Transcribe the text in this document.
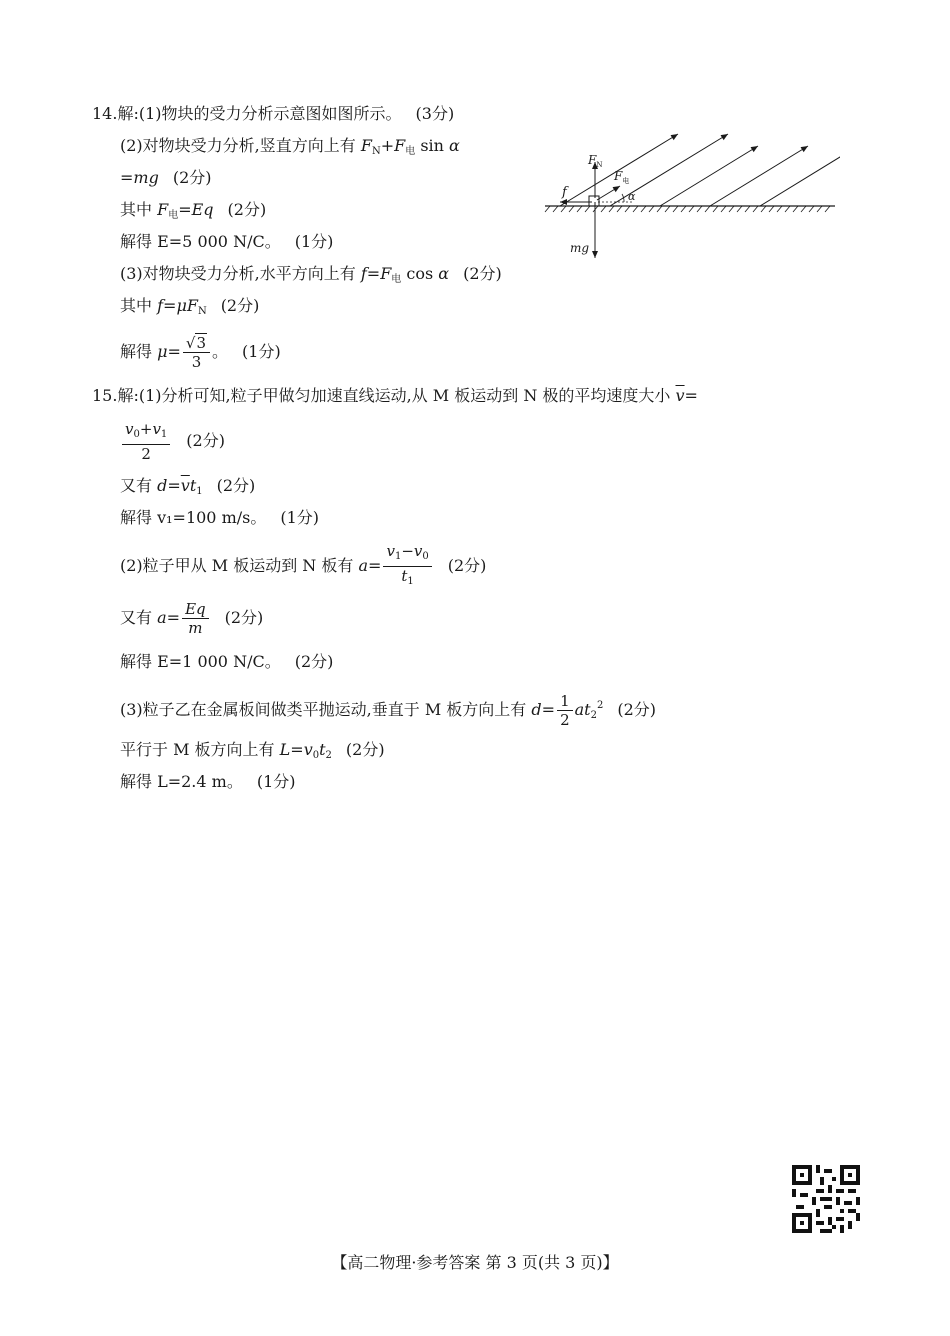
14.解:(1)物块的受力分析示意图如图所示。 (3分)
(2)对物块受力分析,竖直方向上有 $F_N+F_电$ sin α
=mg (2分)
其中 $F_电=Eq$ (2分)
解得 E=5 000 N/C。 (1分)
(3)对物块受力分析,水平方向上有 $f=F_电$ cos α (2分)
其中 $f=\mu F_N$ (2分)
解得 $\mu= \frac{√3}{3}$ 。 (1分)
15.解:(1)分析可知,粒子甲做匀加速直线运动,从 M 板运动到 N 极的平均速度大小 $\overline{v}=$
$\frac{v_0+v_1}{2} (2$分)
又有 $d=\overline{v}t_1$ (2分)
解得 v₁=100 m/s。 (1分)
(2)粒子甲从 M 板运动到 N 板有 $a= \frac{v_1-v_0}{t_1} (2$分)
又有 $a= \frac{Eq}{m} (2$分)
解得 E=1 000 N/C。 (2分)
(3)粒子乙在金属板间做类平抛运动,垂直于 M 板方向上有 $d= \frac{1}{2} at_2^2$ (2分)
平行于 M 板方向上有 $L=v_0t_2$ (2分)
解得 L=2.4 m。 (1分)
$F_N$
$F_电$
f	α
mg
【高二物理·参考答案 第 3 页(共 3 页)】
